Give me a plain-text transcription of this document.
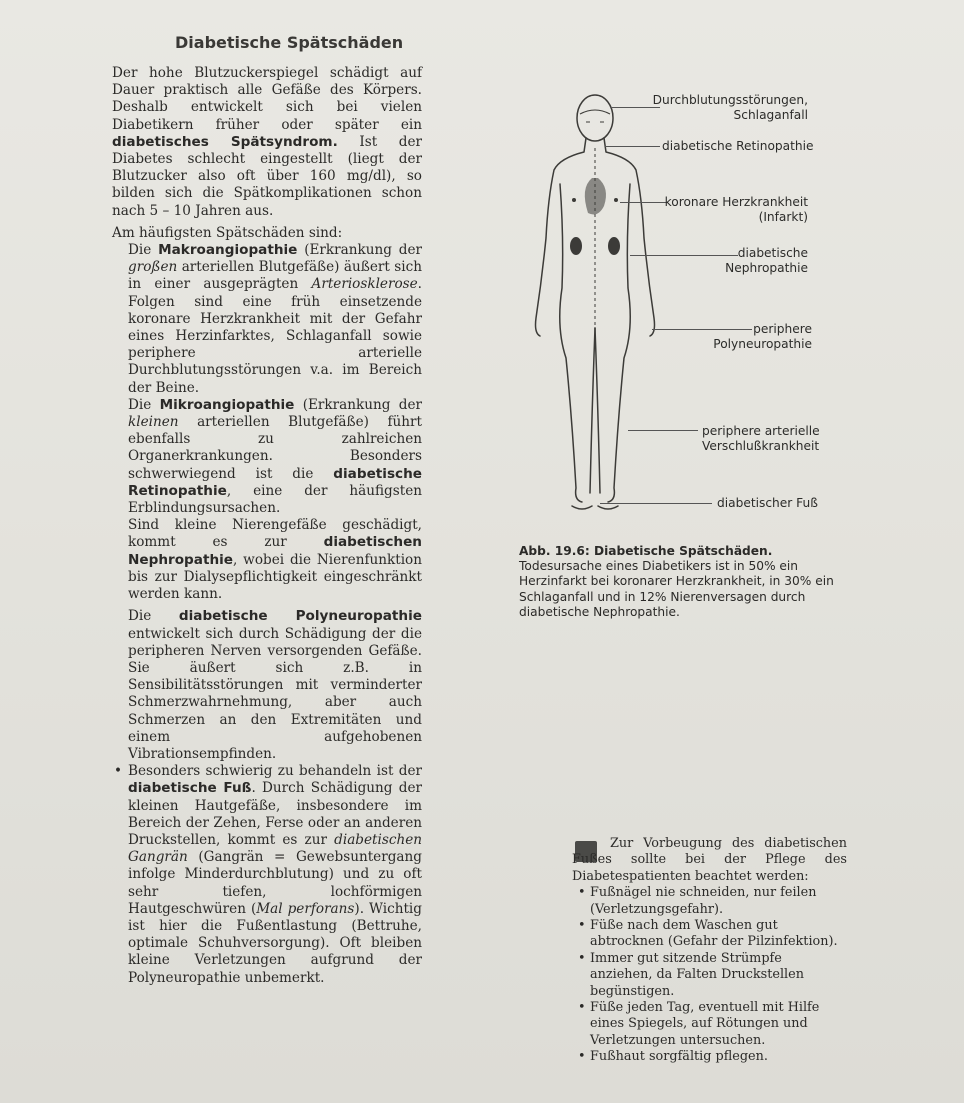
Diabetische Spätschäden

Der hohe Blutzuckerspiegel schädigt auf Dauer praktisch alle Gefäße des Körpers. Deshalb entwickelt sich bei vielen Diabetikern früher oder später ein diabetisches Spätsyndrom. Ist der Diabetes schlecht eingestellt (liegt der Blutzucker also oft über 160 mg/dl), so bilden sich die Spätkomplikationen schon nach 5 – 10 Jahren aus.

Am häufigsten Spätschäden sind:

Die Makroangiopathie (Erkrankung der großen arteriellen Blutgefäße) äußert sich in einer ausgeprägten Arteriosklerose. Folgen sind eine früh einsetzende koronare Herzkrankheit mit der Gefahr eines Herzinfarktes, Schlaganfall sowie periphere arterielle Durchblutungsstörungen v.a. im Bereich der Beine.

Die Mikroangiopathie (Erkrankung der kleinen arteriellen Blutgefäße) führt ebenfalls zu zahlreichen Organerkrankungen. Besonders schwerwiegend ist die diabetische Retinopathie, eine der häufigsten Erblindungsursachen.

Sind kleine Nierengefäße geschädigt, kommt es zur diabetischen Nephropathie, wobei die Nierenfunktion bis zur Dialysepflichtigkeit eingeschränkt werden kann.

Die diabetische Polyneuropathie entwickelt sich durch Schädigung der die peripheren Nerven versorgenden Gefäße. Sie äußert sich z.B. in Sensibilitätsstörungen mit verminderter Schmerzwahrnehmung, aber auch Schmerzen an den Extremitäten und einem aufgehobenen Vibrationsempfinden.

• Besonders schwierig zu behandeln ist der diabetische Fuß. Durch Schädigung der kleinen Hautgefäße, insbesondere im Bereich der Zehen, Ferse oder an anderen Druckstellen, kommt es zur diabetischen Gangrän (Gangrän = Gewebsuntergang infolge Minderdurchblutung) und zu oft sehr tiefen, lochförmigen Hautgeschwüren (Mal perforans). Wichtig ist hier die Fußentlastung (Bettruhe, optimale Schuhversorgung). Oft bleiben kleine Verletzungen aufgrund der Polyneuropathie unbemerkt.

Durchblutungsstörungen,
Schlaganfall
diabetische Retinopathie
koronare Herzkrankheit
(Infarkt)
diabetische
Nephropathie
periphere
Polyneuropathie
periphere arterielle
Verschlußkrankheit
diabetischer Fuß
Abb. 19.6: Diabetische Spätschäden.
Todesursache eines Diabetikers ist in 50% ein Herzinfarkt bei koronarer Herzkrankheit, in 30% ein Schlaganfall und in 12% Nierenversagen durch diabetische Nephropathie.

Zur Vorbeugung des diabetischen Fußes sollte bei der Pflege des Diabetespatienten beachtet werden:

• Fußnägel nie schneiden, nur feilen (Verletzungsgefahr).
• Füße nach dem Waschen gut abtrocknen (Gefahr der Pilzinfektion).
• Immer gut sitzende Strümpfe anziehen, da Falten Druckstellen begünstigen.
• Füße jeden Tag, eventuell mit Hilfe eines Spiegels, auf Rötungen und Verletzungen untersuchen.
• Fußhaut sorgfältig pflegen.
